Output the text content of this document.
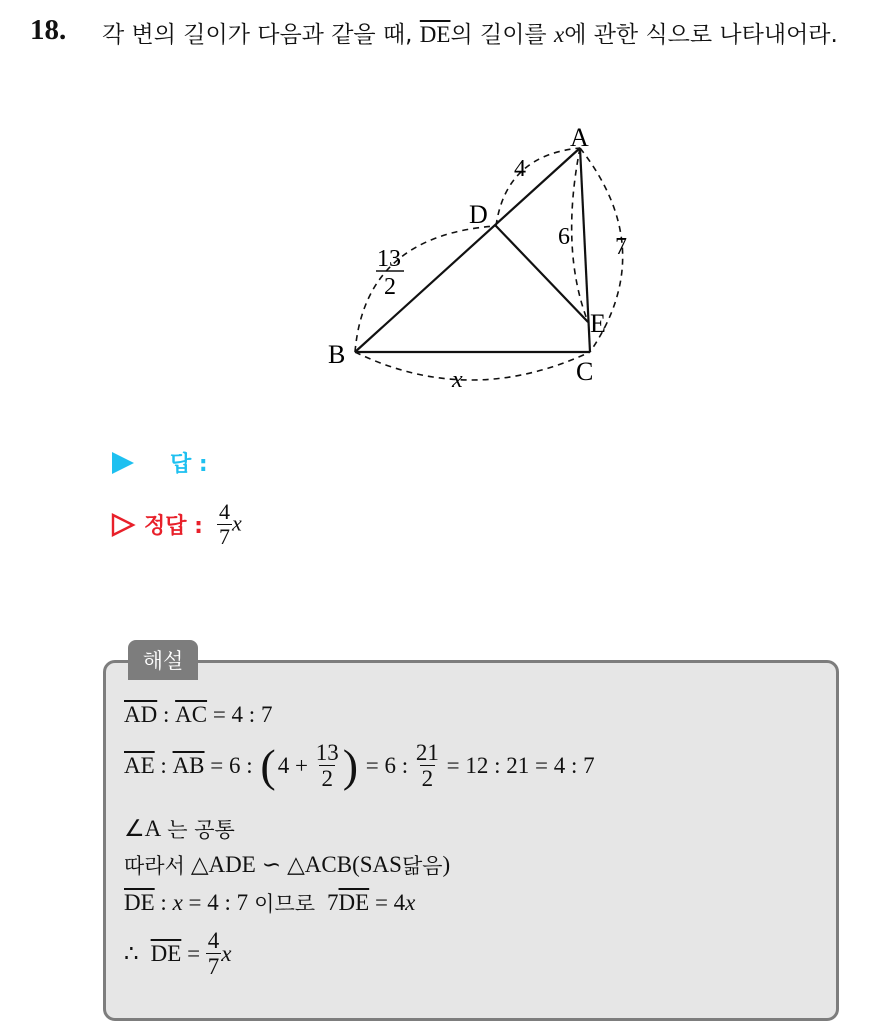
18. 각 변의 길이가 다음과 같을 때, $\overline{DE}$의 길이를 x에 관한 식으로 나타내어라.
A
B
C
D
E
4
13
2
6 7
x
답 :
정답 : $\frac{4}{7}$ x
해설
$\overline{AD}$ : $\overline{AC} = 4$ : 7
$\overline{AE}$ : $\overline{AB} = 6$ : ( $4 + \frac{13}{2}$ ) = 6 : $\frac{21}{2} = 12$ : 21 = 4 : 7
∠A 는 공통
따라서 △ADE ∽ △ACB (SAS 닮음 )
$\overline{DE}$ : x = 4 : 7 이므로 7 $\overline{DE} = 4$ x
∴ $\overline{DE} = \frac{4}{7}$ x
